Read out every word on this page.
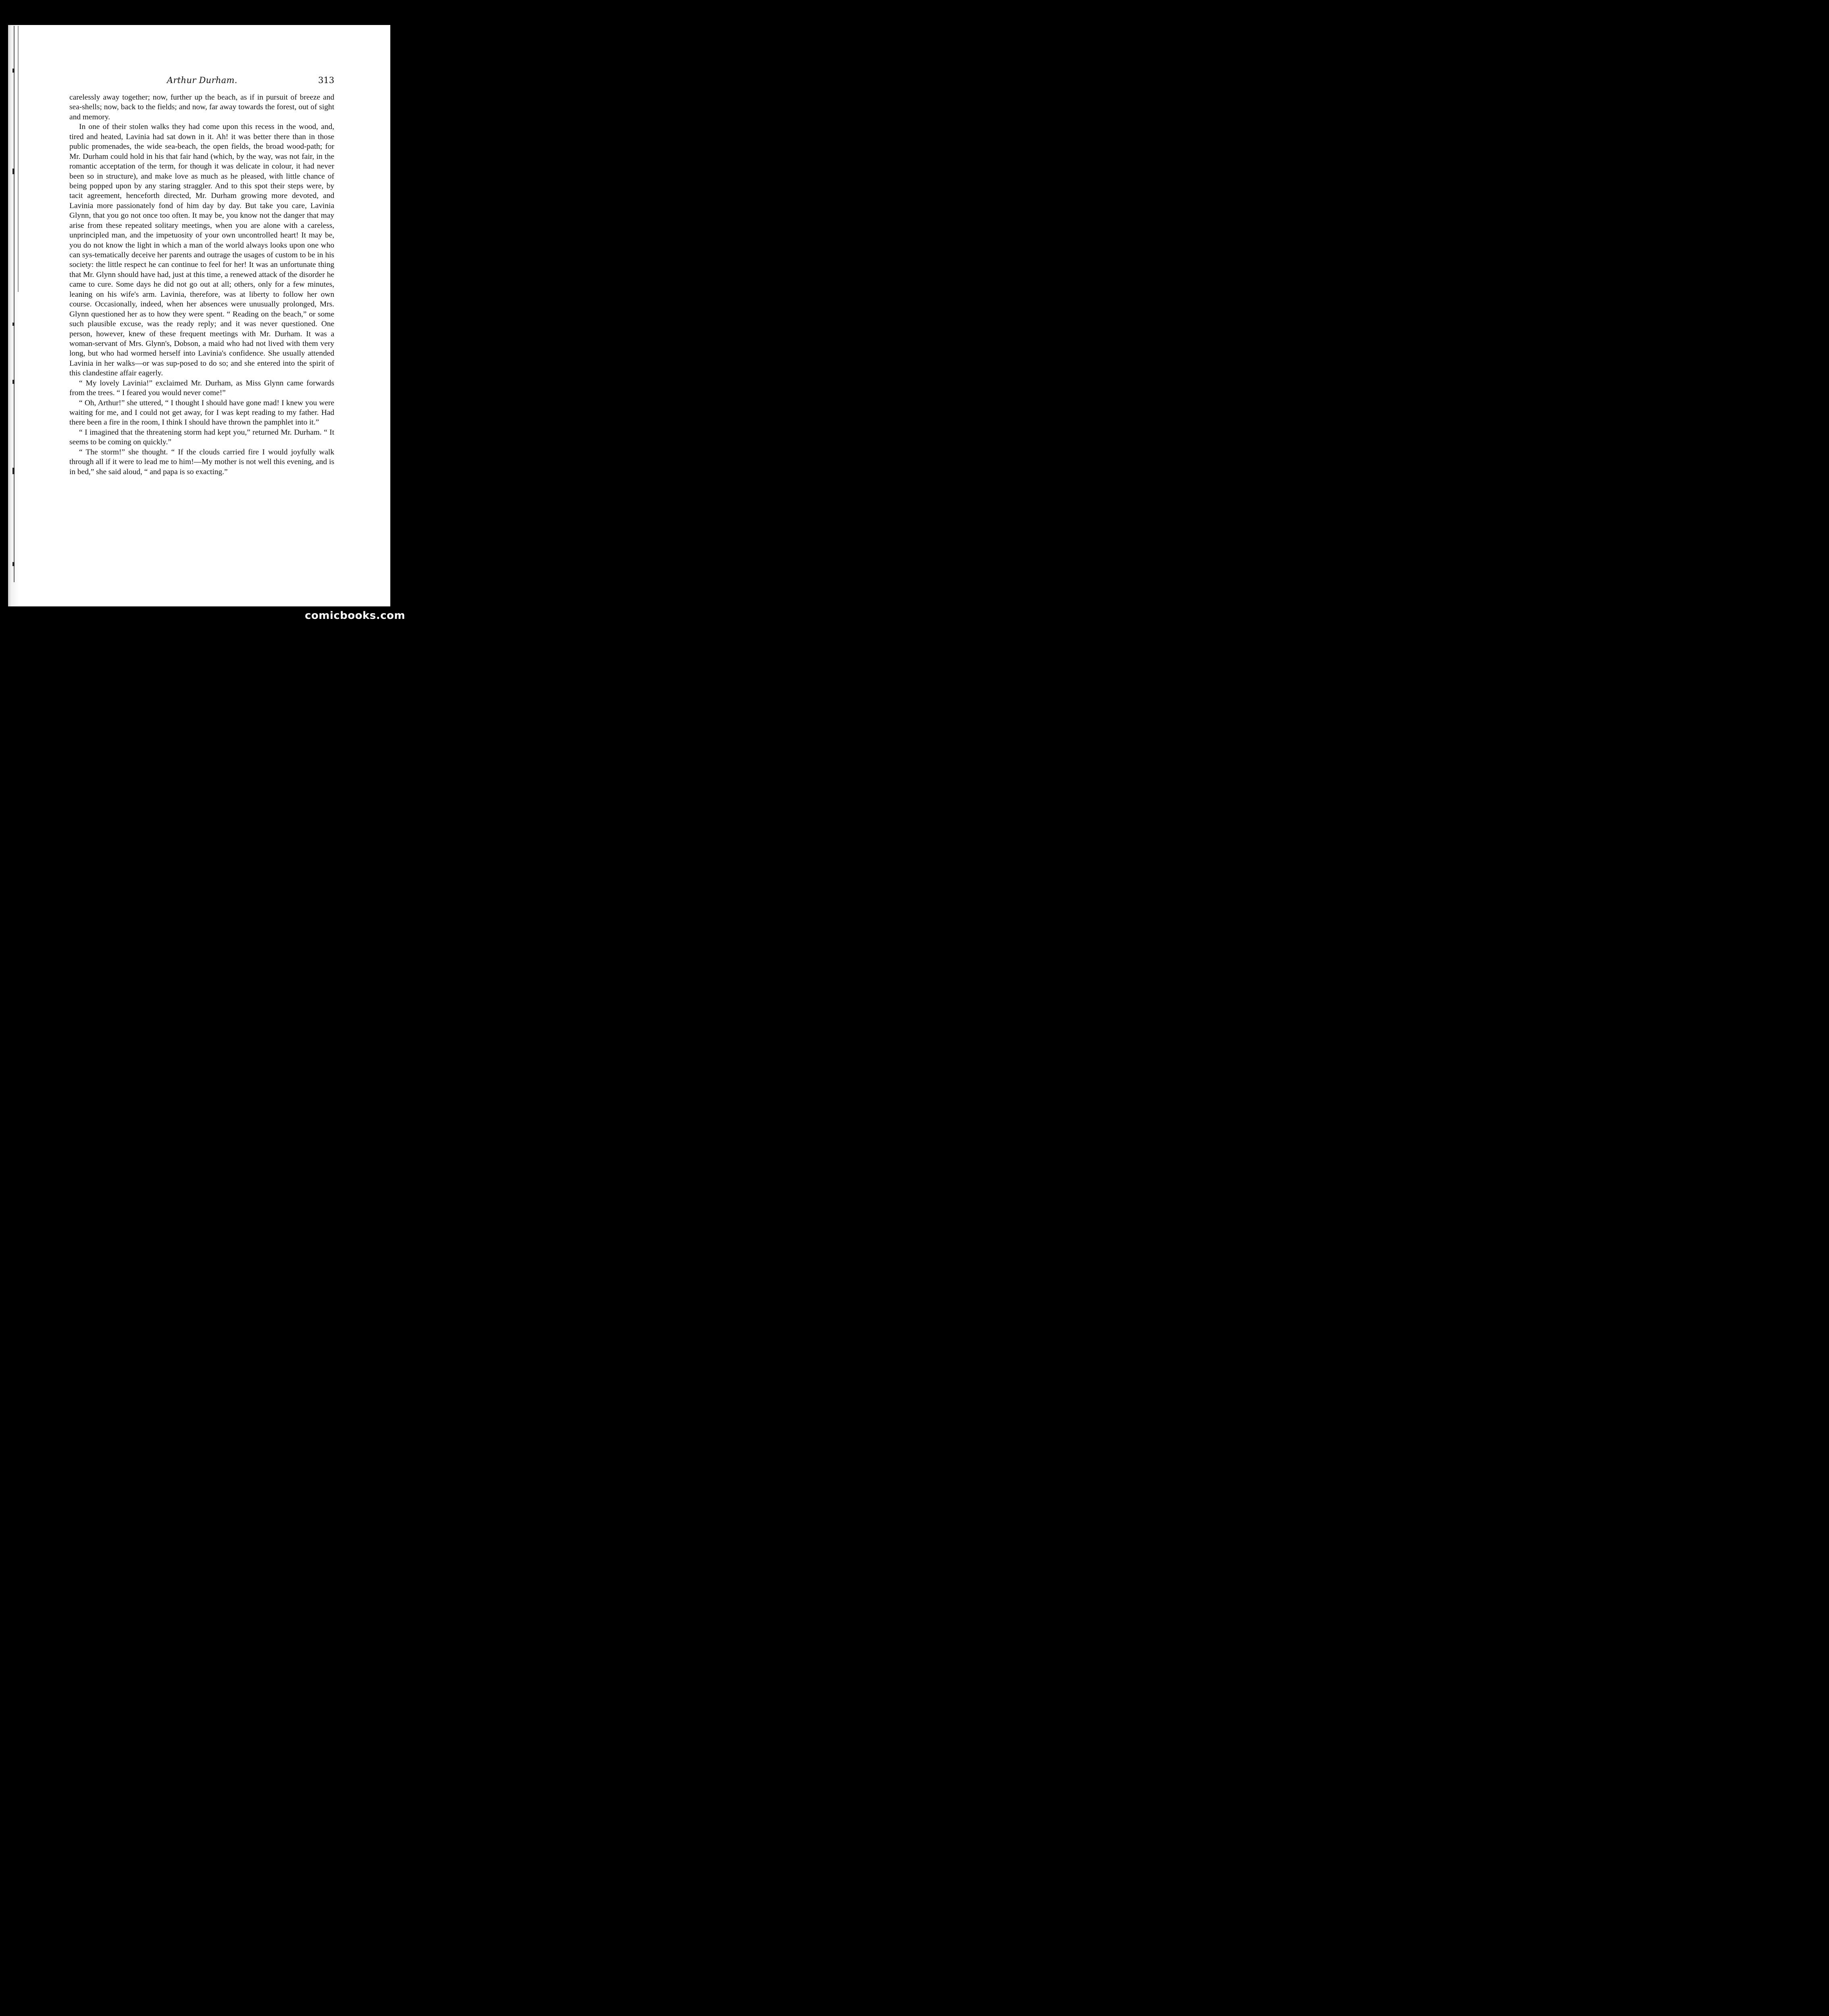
Arthur Durham.	313

carelessly away together; now, further up the beach, as if in pursuit of breeze and sea-shells; now, back to the fields; and now, far away towards the forest, out of sight and memory.

In one of their stolen walks they had come upon this recess in the wood, and, tired and heated, Lavinia had sat down in it. Ah! it was better there than in those public promenades, the wide sea-beach, the open fields, the broad wood-path; for Mr. Durham could hold in his that fair hand (which, by the way, was not fair, in the romantic acceptation of the term, for though it was delicate in colour, it had never been so in structure), and make love as much as he pleased, with little chance of being popped upon by any staring straggler. And to this spot their steps were, by tacit agreement, henceforth directed, Mr. Durham growing more devoted, and Lavinia more passionately fond of him day by day. But take you care, Lavinia Glynn, that you go not once too often. It may be, you know not the danger that may arise from these repeated solitary meetings, when you are alone with a careless, unprincipled man, and the impetuosity of your own uncontrolled heart! It may be, you do not know the light in which a man of the world always looks upon one who can sys-tematically deceive her parents and outrage the usages of custom to be in his society: the little respect he can continue to feel for her! It was an unfortunate thing that Mr. Glynn should have had, just at this time, a renewed attack of the disorder he came to cure. Some days he did not go out at all; others, only for a few minutes, leaning on his wife's arm. Lavinia, therefore, was at liberty to follow her own course. Occasionally, indeed, when her absences were unusually prolonged, Mrs. Glynn questioned her as to how they were spent. “ Reading on the beach,” or some such plausible excuse, was the ready reply; and it was never questioned. One person, however, knew of these frequent meetings with Mr. Durham. It was a woman-servant of Mrs. Glynn's, Dobson, a maid who had not lived with them very long, but who had wormed herself into Lavinia's confidence. She usually attended Lavinia in her walks—or was sup-posed to do so; and she entered into the spirit of this clandestine affair eagerly.

“ My lovely Lavinia!” exclaimed Mr. Durham, as Miss Glynn came forwards from the trees. “ I feared you would never come!”

“ Oh, Arthur!” she uttered, “ I thought I should have gone mad! I knew you were waiting for me, and I could not get away, for I was kept reading to my father. Had there been a fire in the room, I think I should have thrown the pamphlet into it.”

“ I imagined that the threatening storm had kept you,” returned Mr. Durham. “ It seems to be coming on quickly.”

“ The storm!” she thought. “ If the clouds carried fire I would joyfully walk through all if it were to lead me to him!—My mother is not well this evening, and is in bed,” she said aloud, “ and papa is so exacting.”

comicbooks.com
